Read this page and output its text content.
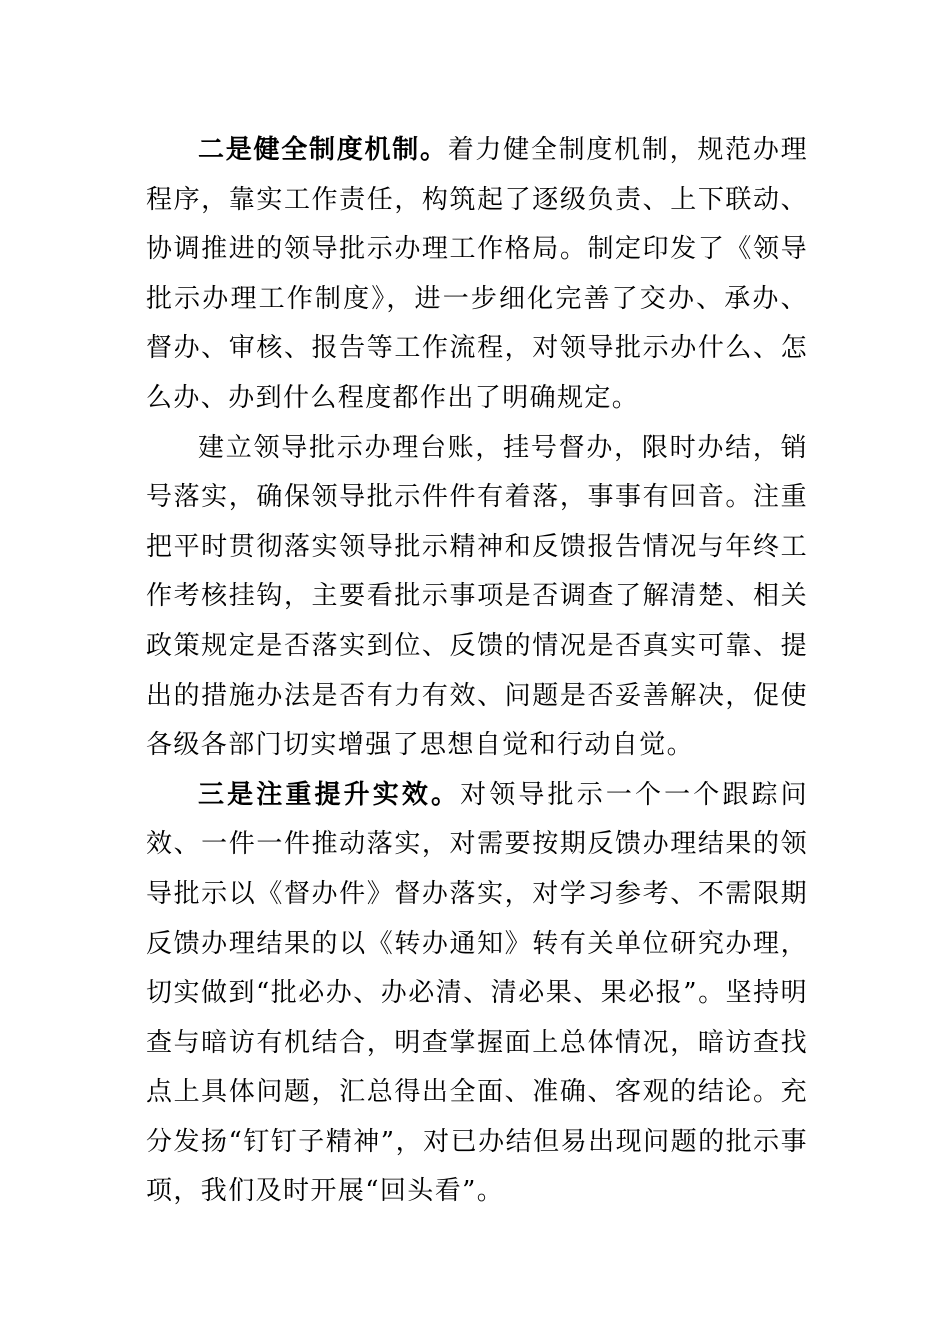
二是健全制度机制。着力健全制度机制，规范办理程序，靠实工作责任，构筑起了逐级负责、上下联动、协调推进的领导批示办理工作格局。制定印发了《领导批示办理工作制度》，进一步细化完善了交办、承办、督办、审核、报告等工作流程，对领导批示办什么、怎么办、办到什么程度都作出了明确规定。

建立领导批示办理台账，挂号督办，限时办结，销号落实，确保领导批示件件有着落，事事有回音。注重把平时贯彻落实领导批示精神和反馈报告情况与年终工作考核挂钩，主要看批示事项是否调查了解清楚、相关政策规定是否落实到位、反馈的情况是否真实可靠、提出的措施办法是否有力有效、问题是否妥善解决，促使各级各部门切实增强了思想自觉和行动自觉。

三是注重提升实效。对领导批示一个一个跟踪问效、一件一件推动落实，对需要按期反馈办理结果的领导批示以《督办件》督办落实，对学习参考、不需限期反馈办理结果的以《转办通知》转有关单位研究办理，切实做到“批必办、办必清、清必果、果必报”。坚持明查与暗访有机结合，明查掌握面上总体情况，暗访查找点上具体问题，汇总得出全面、准确、客观的结论。充分发扬“钉钉子精神”，对已办结但易出现问题的批示事项，我们及时开展“回头看”。
